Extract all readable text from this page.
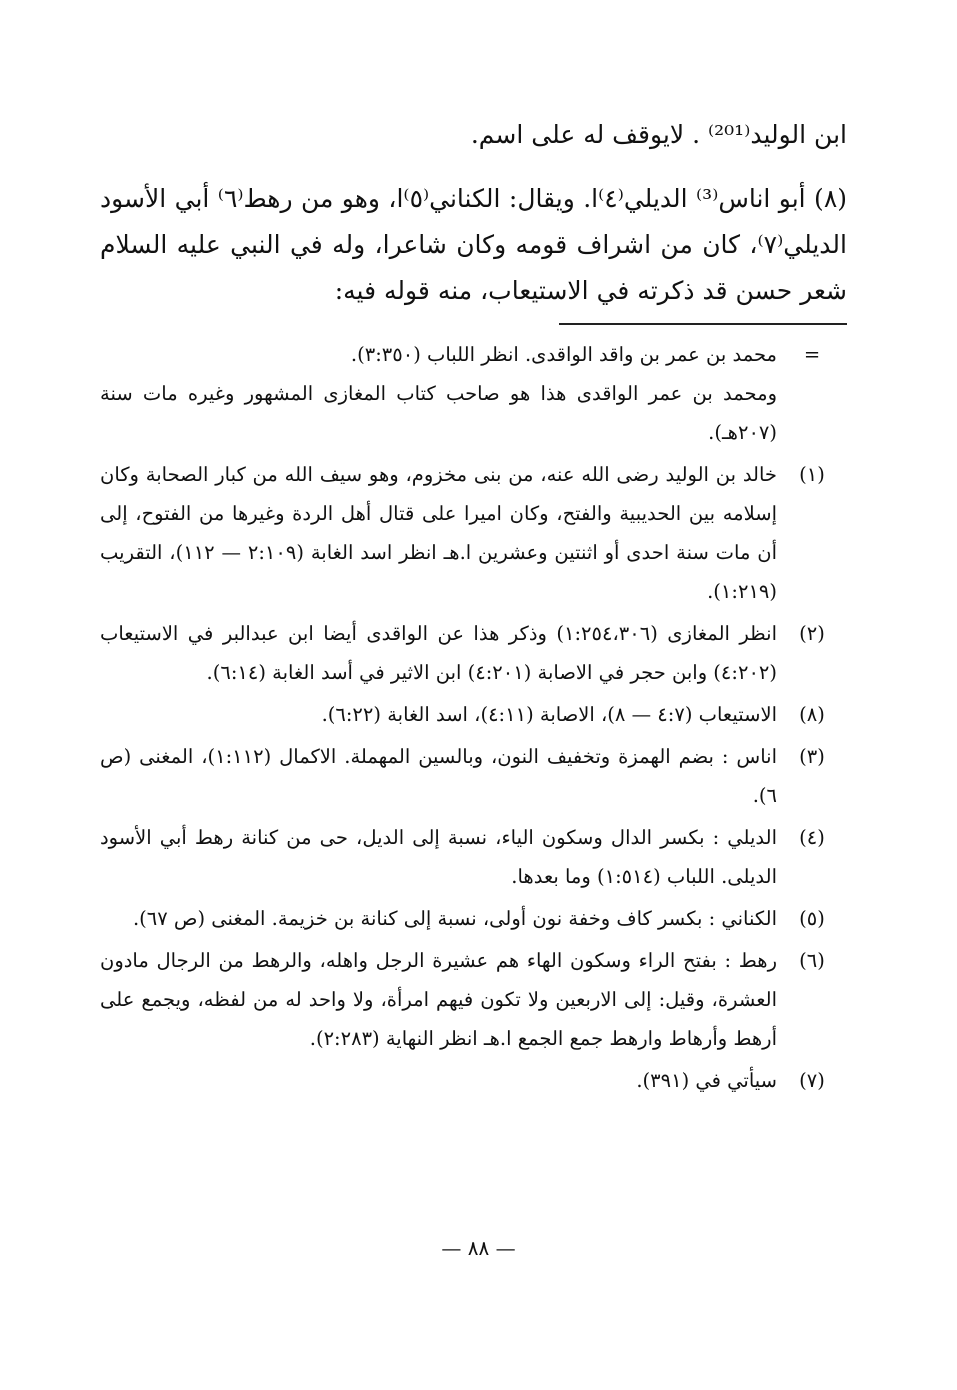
ابن الوليد⁽²⁰¹⁾ . لايوقف له على اسم.

(٨) أبو اناس⁽³⁾ الديلي⁽٤⁾ا. ويقال: الكناني⁽٥⁾ا، وهو من رهط⁽٦⁾ أبي الأسود الديلي⁽٧⁾، كان من اشراف قومه وكان شاعرا، وله في النبي عليه السلام شعر حسن قد ذكرته في الاستيعاب، منه قوله فيه:

=

محمد بن عمر بن واقد الواقدى. انظر اللباب (٣:٣٥٠).

ومحمد بن عمر الواقدى هذا هو صاحب كتاب المغازى المشهور وغيره مات سنة (٢٠٧هـ).

(١)

خالد بن الوليد رضى الله عنه، من بنى مخزوم، وهو سيف الله من كبار الصحابة وكان إسلامه بين الحديبية والفتح، وكان اميرا على قتال أهل الردة وغيرها من الفتوح، إلى أن مات سنة احدى أو اثنتين وعشرين ا.هـ انظر اسد الغابة (٢:١٠٩ — ١١٢)، التقريب (١:٢١٩).

(٢)

انظر المغازى (١:٢٥٤،٣٠٦) وذكر هذا عن الواقدى أيضا ابن عبدالبر في الاستيعاب (٤:٢٠٢) وابن حجر في الاصابة (٤:٢٠١) ابن الاثير في أسد الغابة (٦:١٤).

(٨)

الاستيعاب (٤:٧ — ٨)، الاصابة (٤:١١)، اسد الغابة (٦:٢٢).

(٣)

اناس : بضم الهمزة وتخفيف النون، وبالسين المهملة. الاكمال (١:١١٢)، المغنى (ص ٦).

(٤)

الديلي : بكسر الدال وسكون الياء، نسبة إلى الديل، حى من كنانة رهط أبي الأسود الديلى. اللباب (١:٥١٤) وما بعدها.

(٥)

الكناني : بكسر كاف وخفة نون أولى، نسبة إلى كنانة بن خزيمة. المغنى (ص ٦٧).

(٦)

رهط : بفتح الراء وسكون الهاء هم عشيرة الرجل واهله، والرهط من الرجال مادون العشرة، وقيل: إلى الاربعين ولا تكون فيهم امرأة، ولا واحد له من لفظه، ويجمع على أرهط وأرهاط وارهط جمع الجمع ا.هـ انظر النهاية (٢:٢٨٣).

(٧)

سيأتي في (٣٩١).

— ٨٨ —
